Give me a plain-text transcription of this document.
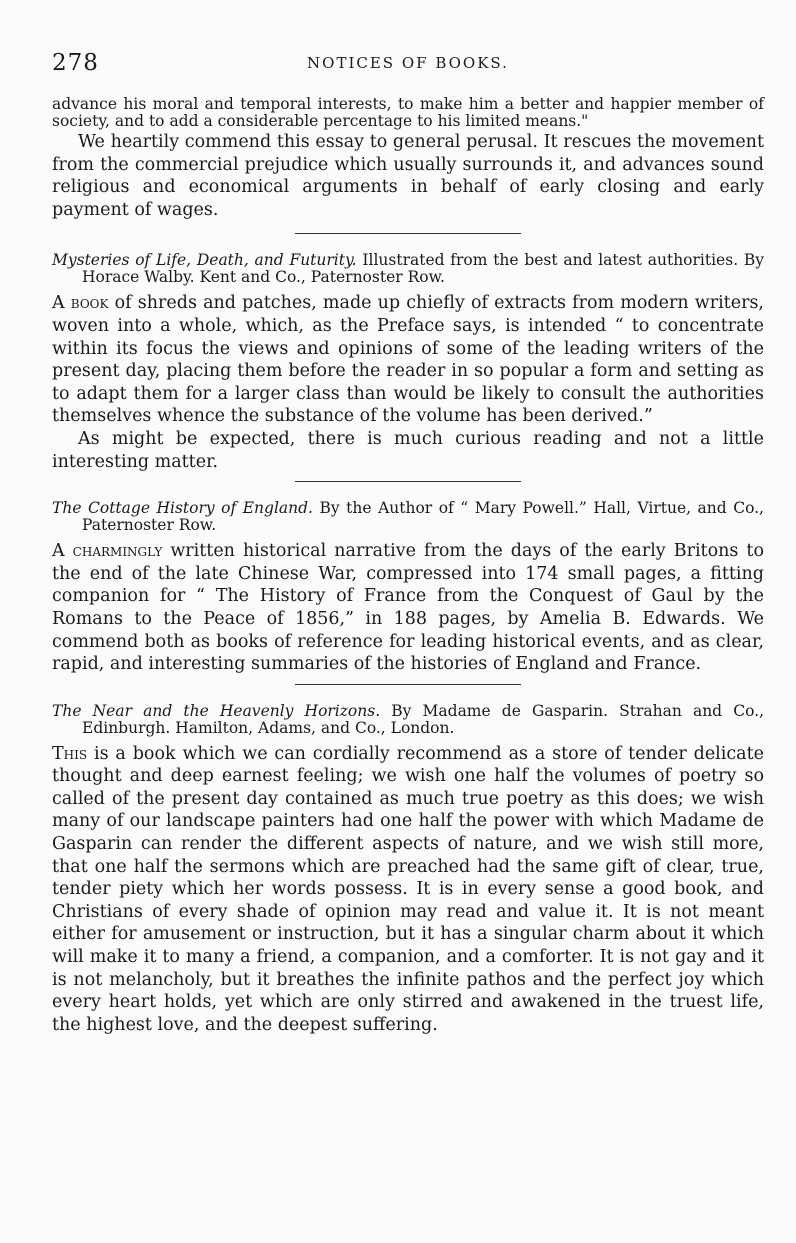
278	NOTICES OF BOOKS.

advance his moral and temporal interests, to make him a better and happier member of society, and to add a considerable percentage to his limited means."

We heartily commend this essay to general perusal. It rescues the movement from the commercial prejudice which usually surrounds it, and advances sound religious and economical arguments in behalf of early closing and early payment of wages.

Mysteries of Life, Death, and Futurity. Illustrated from the best and latest authorities. By Horace Walby. Kent and Co., Paternoster Row.

A book of shreds and patches, made up chiefly of extracts from modern writers, woven into a whole, which, as the Preface says, is intended “ to concentrate within its focus the views and opinions of some of the leading writers of the present day, placing them before the reader in so popular a form and setting as to adapt them for a larger class than would be likely to consult the authorities themselves whence the substance of the volume has been derived.”

As might be expected, there is much curious reading and not a little interesting matter.

The Cottage History of England. By the Author of “ Mary Powell.” Hall, Virtue, and Co., Paternoster Row.

A charmingly written historical narrative from the days of the early Britons to the end of the late Chinese War, compressed into 174 small pages, a fitting companion for “ The History of France from the Conquest of Gaul by the Romans to the Peace of 1856,” in 188 pages, by Amelia B. Edwards. We commend both as books of reference for leading historical events, and as clear, rapid, and interesting summaries of the histories of England and France.

The Near and the Heavenly Horizons. By Madame de Gasparin. Strahan and Co., Edinburgh. Hamilton, Adams, and Co., London.

This is a book which we can cordially recommend as a store of tender delicate thought and deep earnest feeling; we wish one half the volumes of poetry so called of the present day contained as much true poetry as this does; we wish many of our landscape painters had one half the power with which Madame de Gasparin can render the different aspects of nature, and we wish still more, that one half the sermons which are preached had the same gift of clear, true, tender piety which her words possess. It is in every sense a good book, and Christians of every shade of opinion may read and value it. It is not meant either for amusement or instruction, but it has a singular charm about it which will make it to many a friend, a companion, and a comforter. It is not gay and it is not melancholy, but it breathes the infinite pathos and the perfect joy which every heart holds, yet which are only stirred and awakened in the truest life, the highest love, and the deepest suffering.
